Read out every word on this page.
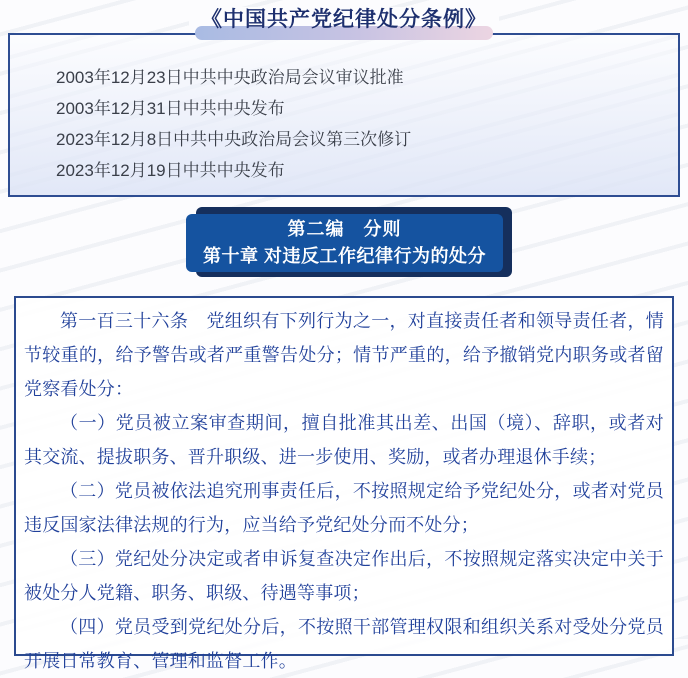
《中国共产党纪律处分条例》
2003年12月23日中共中央政治局会议审议批准
2003年12月31日中共中央发布
2023年12月8日中共中央政治局会议第三次修订
2023年12月19日中共中央发布
第二编　分则
第十章 对违反工作纪律行为的处分

第一百三十六条　党组织有下列行为之一，对直接责任者和领导责任者，情节较重的，给予警告或者严重警告处分；情节严重的，给予撤销党内职务或者留党察看处分：

（一）党员被立案审查期间，擅自批准其出差、出国（境）、辞职，或者对其交流、提拔职务、晋升职级、进一步使用、奖励，或者办理退休手续；

（二）党员被依法追究刑事责任后，不按照规定给予党纪处分，或者对党员违反国家法律法规的行为，应当给予党纪处分而不处分；

（三）党纪处分决定或者申诉复查决定作出后，不按照规定落实决定中关于被处分人党籍、职务、职级、待遇等事项；

（四）党员受到党纪处分后，不按照干部管理权限和组织关系对受处分党员开展日常教育、管理和监督工作。
